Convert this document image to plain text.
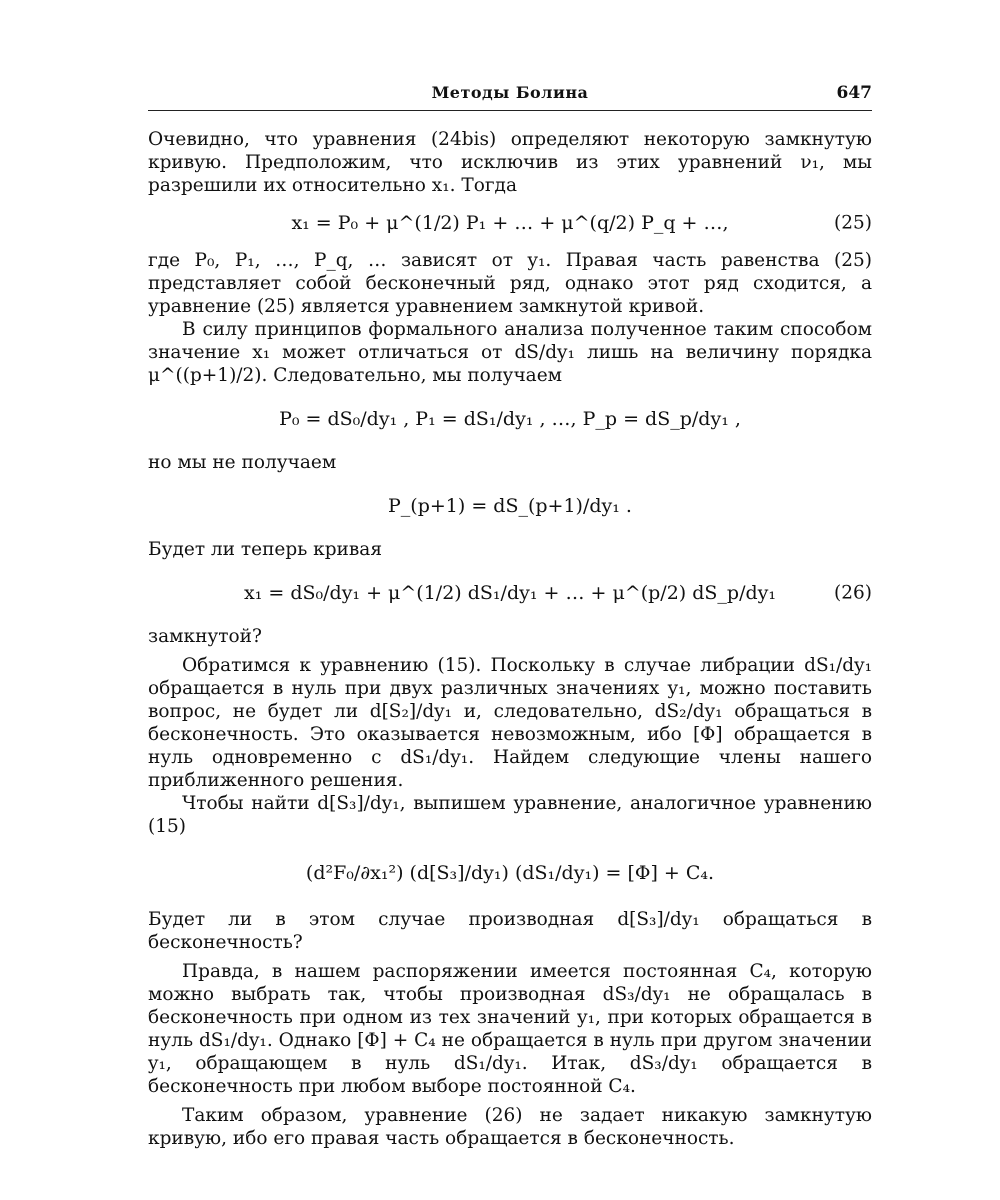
Методы Болина	647

Очевидно, что уравнения (24bis) определяют некоторую замкнутую кривую. Предположим, что исключив из этих уравнений ν₁, мы разрешили их относительно x₁. Тогда

x₁ = P₀ + μ^(1/2) P₁ + … + μ^(q/2) P_q + …,	(25)

где P₀, P₁, …, P_q, … зависят от y₁. Правая часть равенства (25) представляет собой бесконечный ряд, однако этот ряд сходится, а уравнение (25) является уравнением замкнутой кривой.

В силу принципов формального анализа полученное таким способом значение x₁ может отличаться от dS/dy₁ лишь на величину порядка μ^((p+1)/2). Следовательно, мы получаем

P₀ = dS₀/dy₁ , P₁ = dS₁/dy₁ , …, P_p = dS_p/dy₁ ,

но мы не получаем

P_(p+1) = dS_(p+1)/dy₁ .

Будет ли теперь кривая

x₁ = dS₀/dy₁ + μ^(1/2) dS₁/dy₁ + … + μ^(p/2) dS_p/dy₁	(26)

замкнутой?

Обратимся к уравнению (15). Поскольку в случае либрации dS₁/dy₁ обращается в нуль при двух различных значениях y₁, можно поставить вопрос, не будет ли d[S₂]/dy₁ и, следовательно, dS₂/dy₁ обращаться в бесконечность. Это оказывается невозможным, ибо [Φ] обращается в нуль одновременно с dS₁/dy₁. Найдем следующие члены нашего приближенного решения.

Чтобы найти d[S₃]/dy₁, выпишем уравнение, аналогичное уравнению (15)

(d²F₀/∂x₁²) (d[S₃]/dy₁) (dS₁/dy₁) = [Φ] + C₄.

Будет ли в этом случае производная d[S₃]/dy₁ обращаться в бесконечность?

Правда, в нашем распоряжении имеется постоянная C₄, которую можно выбрать так, чтобы производная dS₃/dy₁ не обращалась в бесконечность при одном из тех значений y₁, при которых обращается в нуль dS₁/dy₁. Однако [Φ] + C₄ не обращается в нуль при другом значении y₁, обращающем в нуль dS₁/dy₁. Итак, dS₃/dy₁ обращается в бесконечность при любом выборе постоянной C₄.

Таким образом, уравнение (26) не задает никакую замкнутую кривую, ибо его правая часть обращается в бесконечность.
